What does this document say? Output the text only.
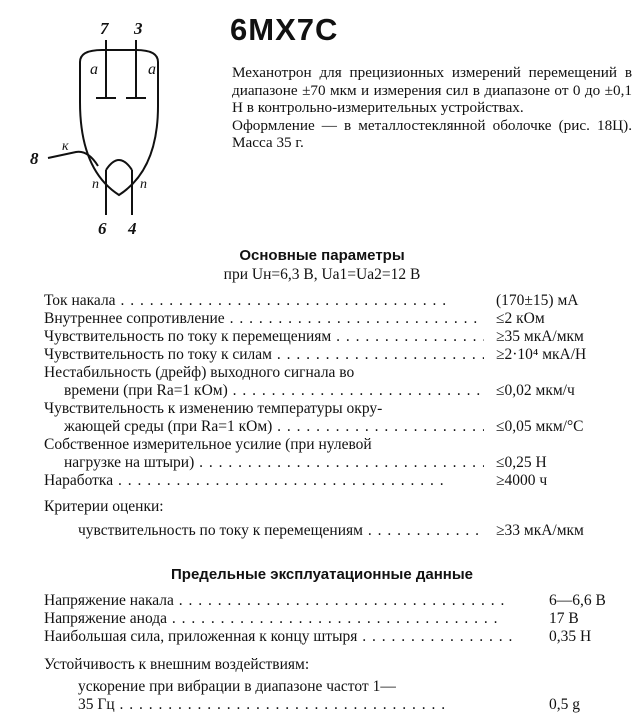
7 3
a	a
к
8
п	п
6 4
6МХ7С

Механотрон для прецизионных измерений перемещений в диапазоне ±70 мкм и измерения сил в диапазоне от 0 до ±0,1 Н в контрольно-измерительных устройствах.

Оформление — в металлостеклянной оболочке (рис. 18Ц). Масса 35 г.

Основные параметры
при Uн=6,3 В, Ua1=Ua2=12 В
Ток накала . .	(170±15) мА
Внутреннее сопротивление . .	≤2 кОм
Чувствительность по току к перемещениям . .	≥35 мкА/мкм
Чувствительность по току к силам . .	≥2·10⁴ мкА/Н
Нестабильность (дрейф) выходного сигнала во
времени (при Ra=1 кОм) . .	≤0,02 мкм/ч
Чувствительность к изменению температуры окру-
жающей среды (при Ra=1 кОм) . .	≤0,05 мкм/°С
Собственное измерительное усилие (при нулевой
нагрузке на штыри) . .	≤0,25 Н
Наработка . .	≥4000 ч
Критерии оценки:
чувствительность по току к перемещениям . .	≥33 мкА/мкм
Предельные эксплуатационные данные
Напряжение накала . .	6—6,6 В
Напряжение анода . .	17 В
Наибольшая сила, приложенная к концу штыря . .	0,35 Н
Устойчивость к внешним воздействиям:
ускорение при вибрации в диапазоне частот 1—
35 Гц . .	0,5 g
